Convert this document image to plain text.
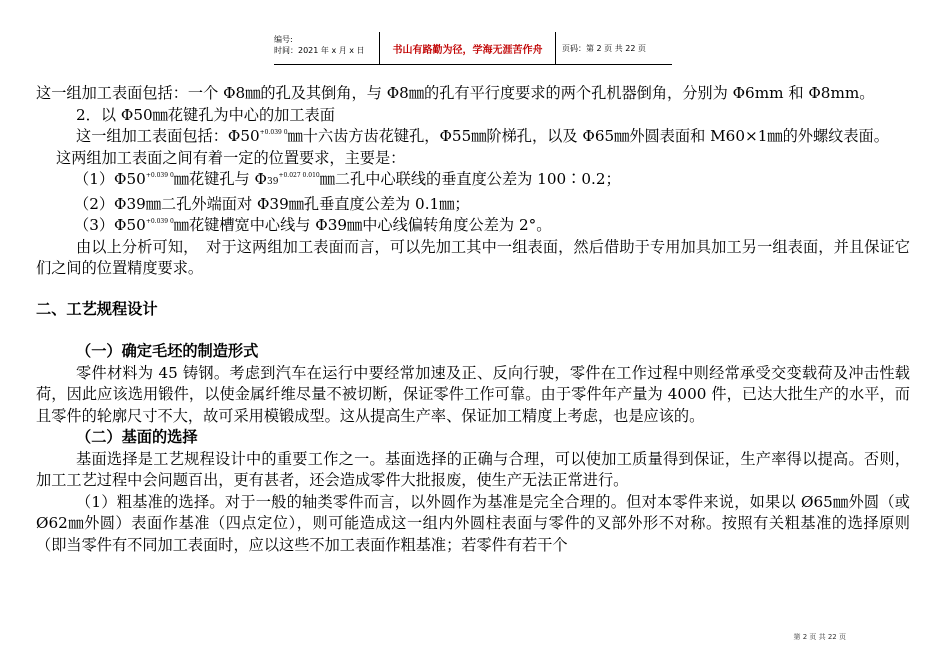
编号:
时间：2021 年 x 月 x 日	书山有路勤为径，学海无涯苦作舟	页码：第 2 页 共 22 页

这一组加工表面包括：一个 Φ8㎜的孔及其倒角，与 Φ8㎜的孔有平行度要求的两个孔机器倒角，分别为 Φ6mm 和 Φ8mm。

2．以 Φ50㎜花键孔为中心的加工表面

这一组加工表面包括：$\Phi 50^{+0.039 0}㎜$十六齿方齿花键孔，Φ55㎜阶梯孔，以及 Φ65㎜外圆表面和 M60×1㎜的外螺纹表面。

这两组加工表面之间有着一定的位置要求，主要是：

$(1)\Phi 50^{+0.039 0}㎜$花键孔与 $\Phi 39^{+0.027 0.010}㎜$二孔中心联线的垂直度公差为 100∶0.2；

（2）Φ39㎜二孔外端面对 Φ39㎜孔垂直度公差为 0.1㎜；

$(3)\Phi 50^{+0.039 0}㎜$花键槽宽中心线与 Φ39㎜中心线偏转角度公差为 2°。

由以上分析可知，　对于这两组加工表面而言，可以先加工其中一组表面，然后借助于专用加具加工另一组表面，并且保证它们之间的位置精度要求。

二、工艺规程设计

（一）确定毛坯的制造形式

零件材料为 45 铸钢。考虑到汽车在运行中要经常加速及正、反向行驶，零件在工作过程中则经常承受交变载荷及冲击性载荷，因此应该选用锻件，以使金属纤维尽量不被切断，保证零件工作可靠。由于零件年产量为 4000 件，已达大批生产的水平，而且零件的轮廓尺寸不大，故可采用模锻成型。这从提高生产率、保证加工精度上考虑，也是应该的。

（二）基面的选择

基面选择是工艺规程设计中的重要工作之一。基面选择的正确与合理，可以使加工质量得到保证，生产率得以提高。否则，加工工艺过程中会问题百出，更有甚者，还会造成零件大批报废，使生产无法正常进行。

（1）粗基准的选择。对于一般的轴类零件而言，以外圆作为基准是完全合理的。但对本零件来说，如果以 Ø65㎜外圆（或 Ø62㎜外圆）表面作基准（四点定位），则可能造成这一组内外圆柱表面与零件的叉部外形不对称。按照有关粗基准的选择原则（即当零件有不同加工表面时，应以这些不加工表面作粗基准；若零件有若干个

第 2 页 共 22 页
